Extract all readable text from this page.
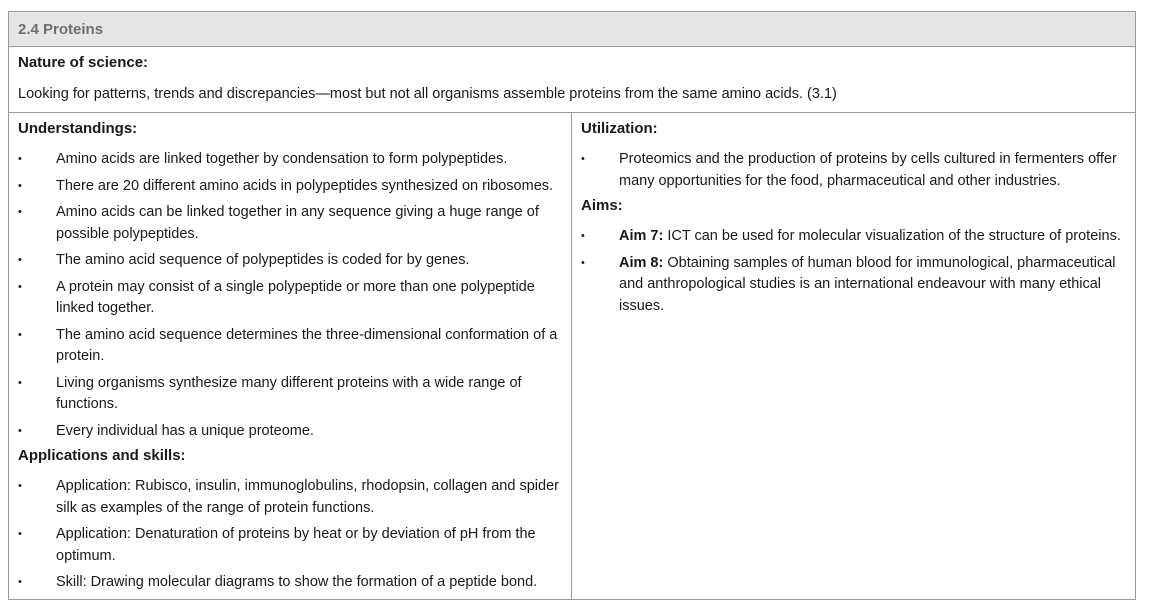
2.4 Proteins
Nature of science:
Looking for patterns, trends and discrepancies—most but not all organisms assemble proteins from the same amino acids. (3.1)
Understandings:
• Amino acids are linked together by condensation to form polypeptides.
• There are 20 different amino acids in polypeptides synthesized on ribosomes.
• Amino acids can be linked together in any sequence giving a huge range of possible polypeptides.
• The amino acid sequence of polypeptides is coded for by genes.
• A protein may consist of a single polypeptide or more than one polypeptide linked together.
• The amino acid sequence determines the three-dimensional conformation of a protein.
• Living organisms synthesize many different proteins with a wide range of functions.
• Every individual has a unique proteome.
Applications and skills:
• Application: Rubisco, insulin, immunoglobulins, rhodopsin, collagen and spider silk as examples of the range of protein functions.
• Application: Denaturation of proteins by heat or by deviation of pH from the optimum.
• Skill: Drawing molecular diagrams to show the formation of a peptide bond.
Utilization:
• Proteomics and the production of proteins by cells cultured in fermenters offer many opportunities for the food, pharmaceutical and other industries.
Aims:
• Aim 7: ICT can be used for molecular visualization of the structure of proteins.
• Aim 8: Obtaining samples of human blood for immunological, pharmaceutical and anthropological studies is an international endeavour with many ethical issues.
